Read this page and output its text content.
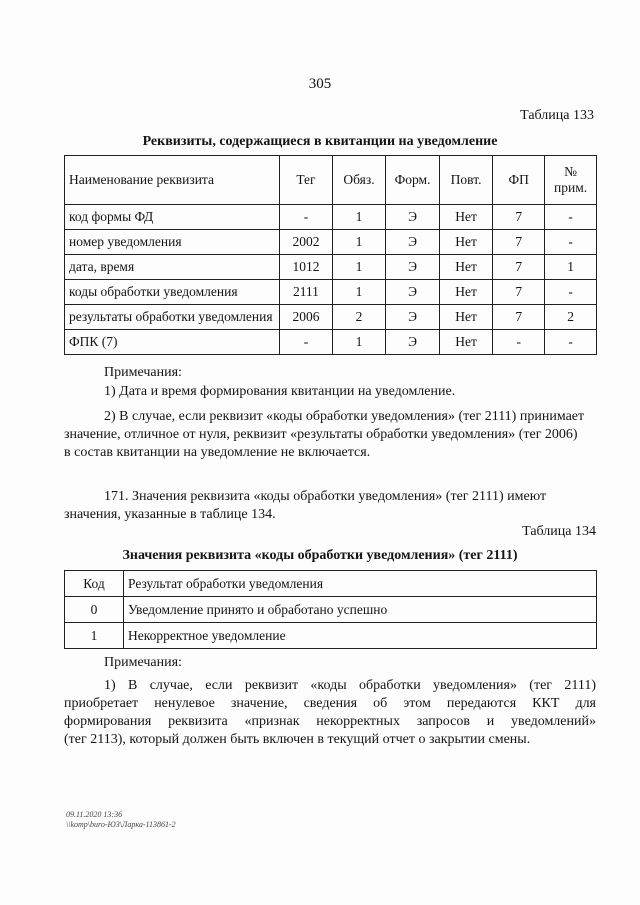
305
Таблица 133
Реквизиты, содержащиеся в квитанции на уведомление
Наименование реквизита	Тег	Обяз.	Форм.	Повт.	ФП	№ прим.
код формы ФД	-	1	Э	Нет	7	-
номер уведомления	2002	1	Э	Нет	7	-
дата, время	1012	1	Э	Нет	7	1
коды обработки уведомления	2111	1	Э	Нет	7	-
результаты обработки уведомления	2006	2	Э	Нет	7	2
ФПК (7)	-	1	Э	Нет	-	-
Примечания:
1) Дата и время формирования квитанции на уведомление.
2) В случае, если реквизит «коды обработки уведомления» (тег 2111) принимает
значение, отличное от нуля, реквизит «результаты обработки уведомления» (тег 2006)
в состав квитанции на уведомление не включается.
171. Значения реквизита «коды обработки уведомления» (тег 2111) имеют
значения, указанные в таблице 134.
Таблица 134
Значения реквизита «коды обработки уведомления» (тег 2111)
Код	Результат обработки уведомления
0	Уведомление принято и обработано успешно
1	Некорректное уведомление
Примечания:
1) В случае, если реквизит «коды обработки уведомления» (тег 2111)
приобретает ненулевое значение, сведения об этом передаются ККТ для
формирования реквизита «признак некорректных запросов и уведомлений»
(тег 2113), который должен быть включен в текущий отчет о закрытии смены.
09.11.2020 13:36
\\komp\buro-ЮЗ\Ларка-113861-2
